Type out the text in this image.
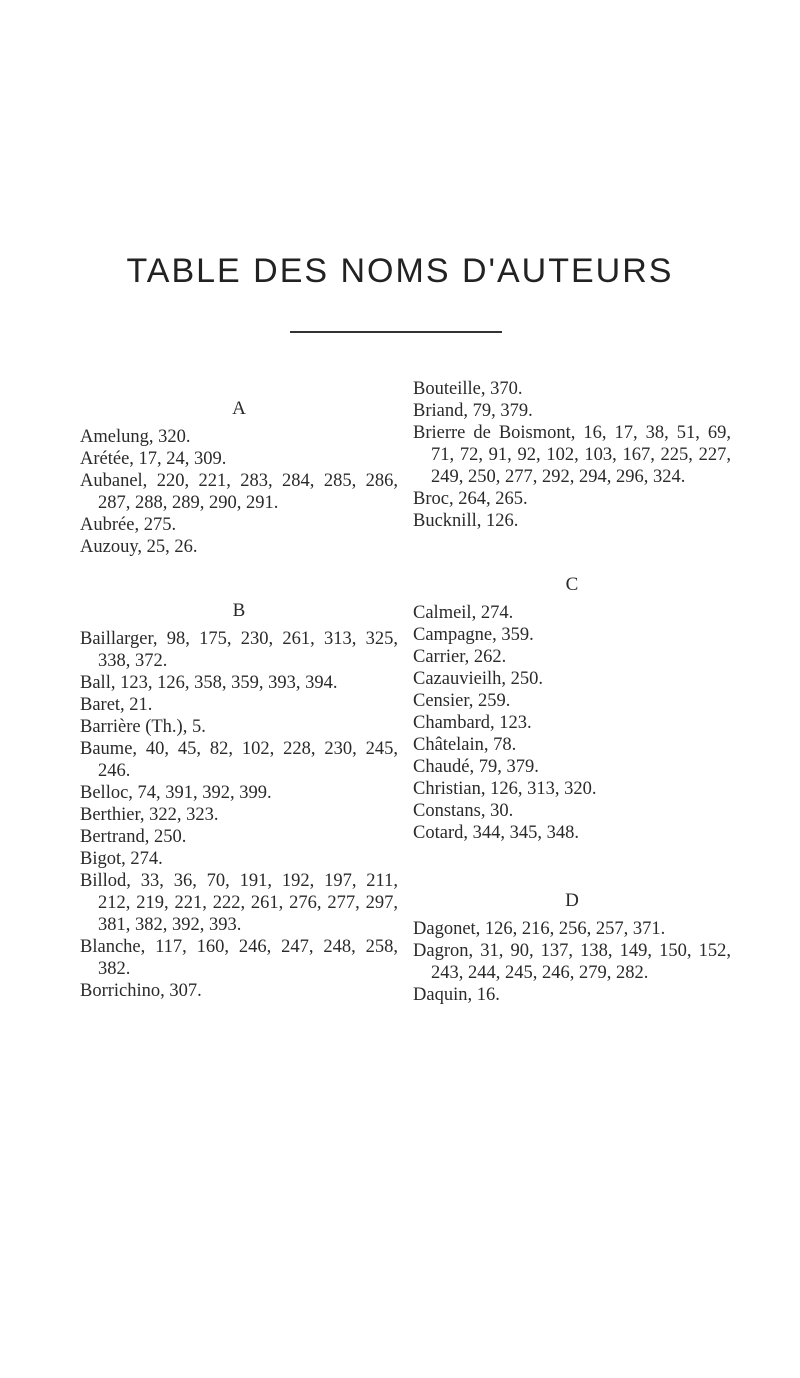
TABLE DES NOMS D'AUTEURS
A

Amelung, 320.

Arétée, 17, 24, 309.

Aubanel, 220, 221, 283, 284, 285, 286, 287, 288, 289, 290, 291.

Aubrée, 275.

Auzouy, 25, 26.

B

Baillarger, 98, 175, 230, 261, 313, 325, 338, 372.

Ball, 123, 126, 358, 359, 393, 394.

Baret, 21.

Barrière (Th.), 5.

Baume, 40, 45, 82, 102, 228, 230, 245, 246.

Belloc, 74, 391, 392, 399.

Berthier, 322, 323.

Bertrand, 250.

Bigot, 274.

Billod, 33, 36, 70, 191, 192, 197, 211, 212, 219, 221, 222, 261, 276, 277, 297, 381, 382, 392, 393.

Blanche, 117, 160, 246, 247, 248, 258, 382.

Borrichino, 307.

Bouteille, 370.

Briand, 79, 379.

Brierre de Boismont, 16, 17, 38, 51, 69, 71, 72, 91, 92, 102, 103, 167, 225, 227, 249, 250, 277, 292, 294, 296, 324.

Broc, 264, 265.

Bucknill, 126.

C

Calmeil, 274.

Campagne, 359.

Carrier, 262.

Cazauvieilh, 250.

Censier, 259.

Chambard, 123.

Châtelain, 78.

Chaudé, 79, 379.

Christian, 126, 313, 320.

Constans, 30.

Cotard, 344, 345, 348.

D

Dagonet, 126, 216, 256, 257, 371.

Dagron, 31, 90, 137, 138, 149, 150, 152, 243, 244, 245, 246, 279, 282.

Daquin, 16.
